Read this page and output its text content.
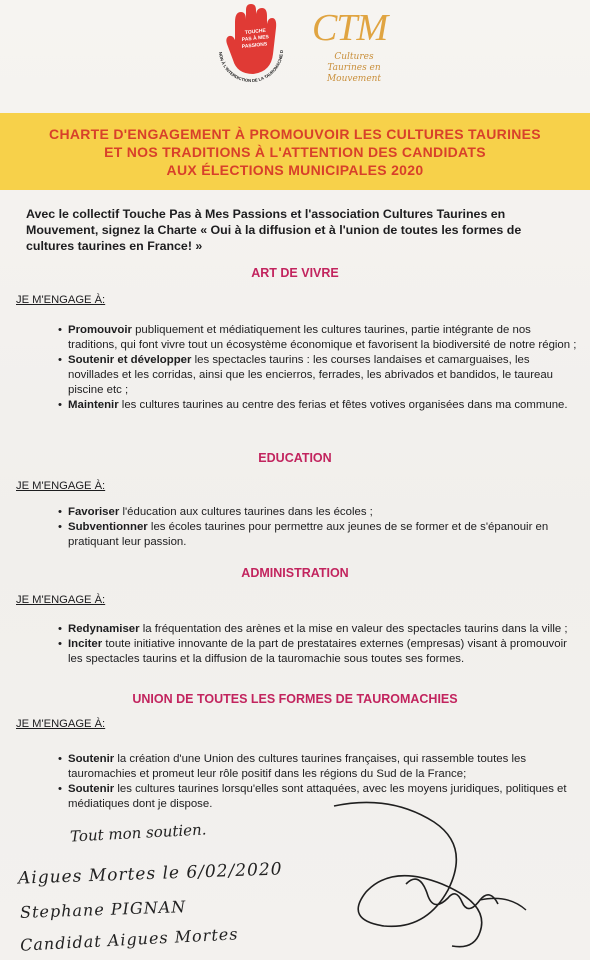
TOUCHE
PAS À MES
PASSIONS
NON À L'INTERDICTION DE LA TAUROMACHIE D
CTM
Cultures
Taurines en
Mouvement
CHARTE D'ENGAGEMENT À PROMOUVOIR LES CULTURES TAURINES
ET NOS TRADITIONS À L'ATTENTION DES CANDIDATS
AUX ÉLECTIONS MUNICIPALES 2020
Avec le collectif Touche Pas à Mes Passions et l'association Cultures Taurines en Mouvement, signez la Charte « Oui à la diffusion et à l'union de toutes les formes de cultures taurines en France! »
ART DE VIVRE
JE M'ENGAGE À:
• Promouvoir publiquement et médiatiquement les cultures taurines, partie intégrante de nos traditions, qui font vivre tout un écosystème économique et favorisent la biodiversité de notre région ;
• Soutenir et développer les spectacles taurins : les courses landaises et camarguaises, les novillades et les corridas, ainsi que les encierros, ferrades, les abrivados et bandidos, le taureau piscine etc ;
• Maintenir les cultures taurines au centre des ferias et fêtes votives organisées dans ma commune.
EDUCATION
JE M'ENGAGE À:
• Favoriser l'éducation aux cultures taurines dans les écoles ;
• Subventionner les écoles taurines pour permettre aux jeunes de se former et de s'épanouir en pratiquant leur passion.
ADMINISTRATION
JE M'ENGAGE À:
• Redynamiser la fréquentation des arènes et la mise en valeur des spectacles taurins dans la ville ;
• Inciter toute initiative innovante de la part de prestataires externes (empresas) visant à promouvoir les spectacles taurins et la diffusion de la tauromachie sous toutes ses formes.
UNION DE TOUTES LES FORMES DE TAUROMACHIES
JE M'ENGAGE À:
• Soutenir la création d'une Union des cultures taurines françaises, qui rassemble toutes les tauromachies et promeut leur rôle positif dans les régions du Sud de la France;
• Soutenir les cultures taurines lorsqu'elles sont attaquées, avec les moyens juridiques, politiques et médiatiques dont je dispose.
Tout mon soutien.
Aigues Mortes le 6/02/2020
Stephane PIGNAN
Candidat Aigues Mortes
